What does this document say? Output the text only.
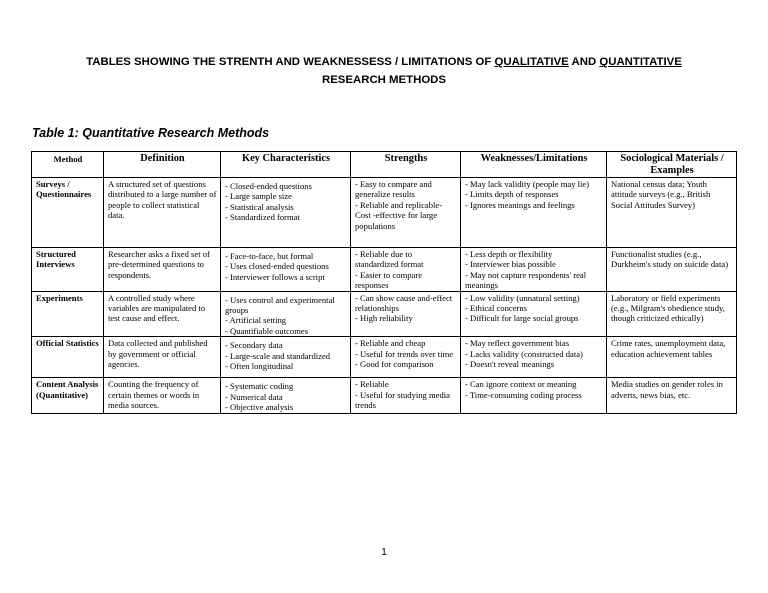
TABLES SHOWING THE STRENTH AND WEAKNESSESS / LIMITATIONS OF QUALITATIVE AND QUANTITATIVE
RESEARCH METHODS
Table 1: Quantitative Research Methods
Method	Definition	Key Characteristics	Strengths	Weaknesses/Limitations	Sociological Materials / Examples
Surveys / Questionnaires	A structured set of questions distributed to a large number of people to collect statistical data.	- Closed-ended questions
- Large sample size
- Statistical analysis
- Standardized format	- Easy to compare and generalize results
- Reliable and replicable- Cost -effective for large populations	- May lack validity (people may lie)
- Limits depth of responses
- Ignores meanings and feelings	National census data; Youth attitude surveys (e.g., British Social Attitudes Survey)
Structured Interviews	Researcher asks a fixed set of pre-determined questions to respondents.	- Face-to-face, but formal
- Uses closed-ended questions
- Interviewer follows a script	- Reliable due to standardized format
- Easier to compare responses	- Less depth or flexibility
- Interviewer bias possible
- May not capture respondents' real meanings	Functionalist studies (e.g., Durkheim's study on suicide data)
Experiments	A controlled study where variables are manipulated to test cause and effect.	- Uses control and experimental groups
- Artificial setting
- Quantifiable outcomes	- Can show cause and-effect relationships
- High reliability	- Low validity (unnatural setting)
- Ethical concerns
- Difficult for large social groups	Laboratory or field experiments (e.g., Milgram's obedience study, though criticized ethically)
Official Statistics	Data collected and published by government or official agencies.	- Secondary data
- Large-scale and standardized
- Often longitudinal	- Reliable and cheap
- Useful for trends over time
- Good for comparison	- May reflect government bias
- Lacks validity (constructed data)
- Doesn't reveal meanings	Crime rates, unemployment data, education achievement tables
Content Analysis (Quantitative)	Counting the frequency of certain themes or words in media sources.	- Systematic coding
- Numerical data
- Objective analysis	- Reliable
- Useful for studying media trends	- Can ignore context or meaning
- Time-consuming coding process	Media studies on gender roles in adverts, news bias, etc.
1
